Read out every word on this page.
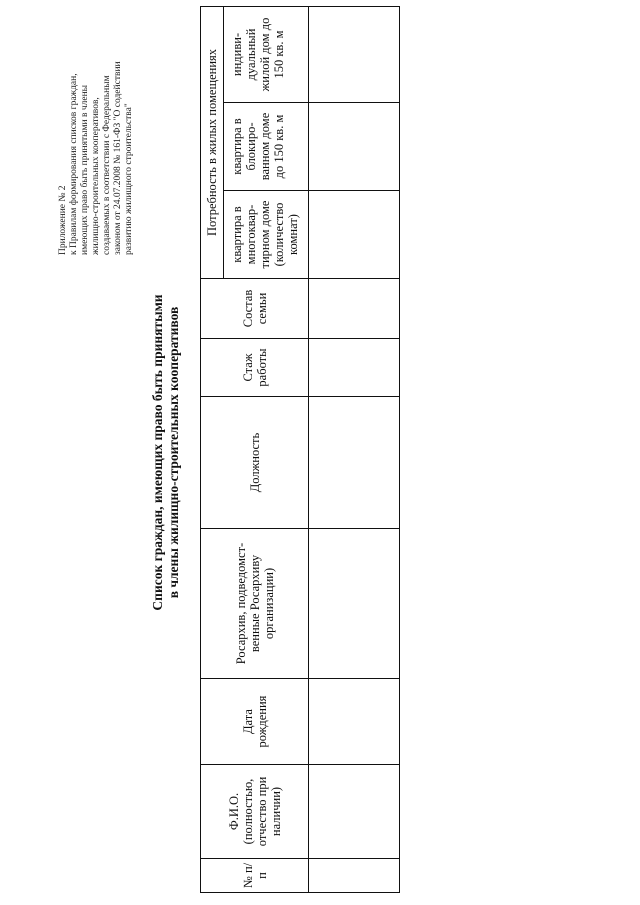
Приложение № 2 к Правилам формирования списков граждан, имеющих право быть принятыми в члены жилищно-строительных кооперативов, создаваемых в соответствии с Федеральным законом от 24.07.2008 № 161-ФЗ "О содействии развитию жилищного строительства"
Список граждан, имеющих право быть принятыми в члены жилищно-строительных кооперативов
№ п/п	Ф.И.О. (полностью, отчество при наличии)	Дата рождения	Росархив, подведомст-венные Росархиву организации)	Должность	Стаж работы	Состав семьи	Потребность в жилых помещениях		
							квартира в многоквар-тирном доме (количество комнат)	квартира в блокиро-ванном доме до 150 кв. м	индиви-дуальный жилой дом до 150 кв. м
